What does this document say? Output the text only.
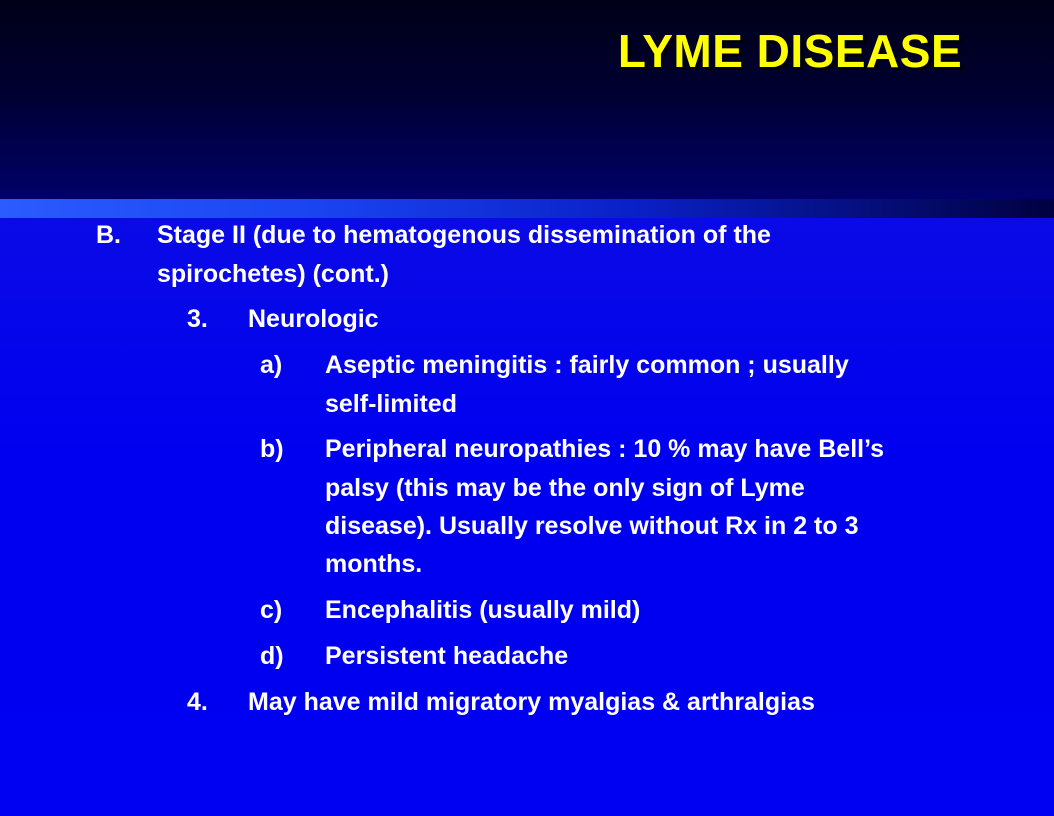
LYME DISEASE
B. Stage II (due to hematogenous dissemination of the
spirochetes) (cont.)
3. Neurologic
a) Aseptic meningitis : fairly common ; usually
self-limited
b) Peripheral neuropathies : 10 % may have Bell’s
palsy (this may be the only sign of Lyme
disease). Usually resolve without Rx in 2 to 3
months.
c) Encephalitis (usually mild)
d) Persistent headache
4. May have mild migratory myalgias & arthralgias
